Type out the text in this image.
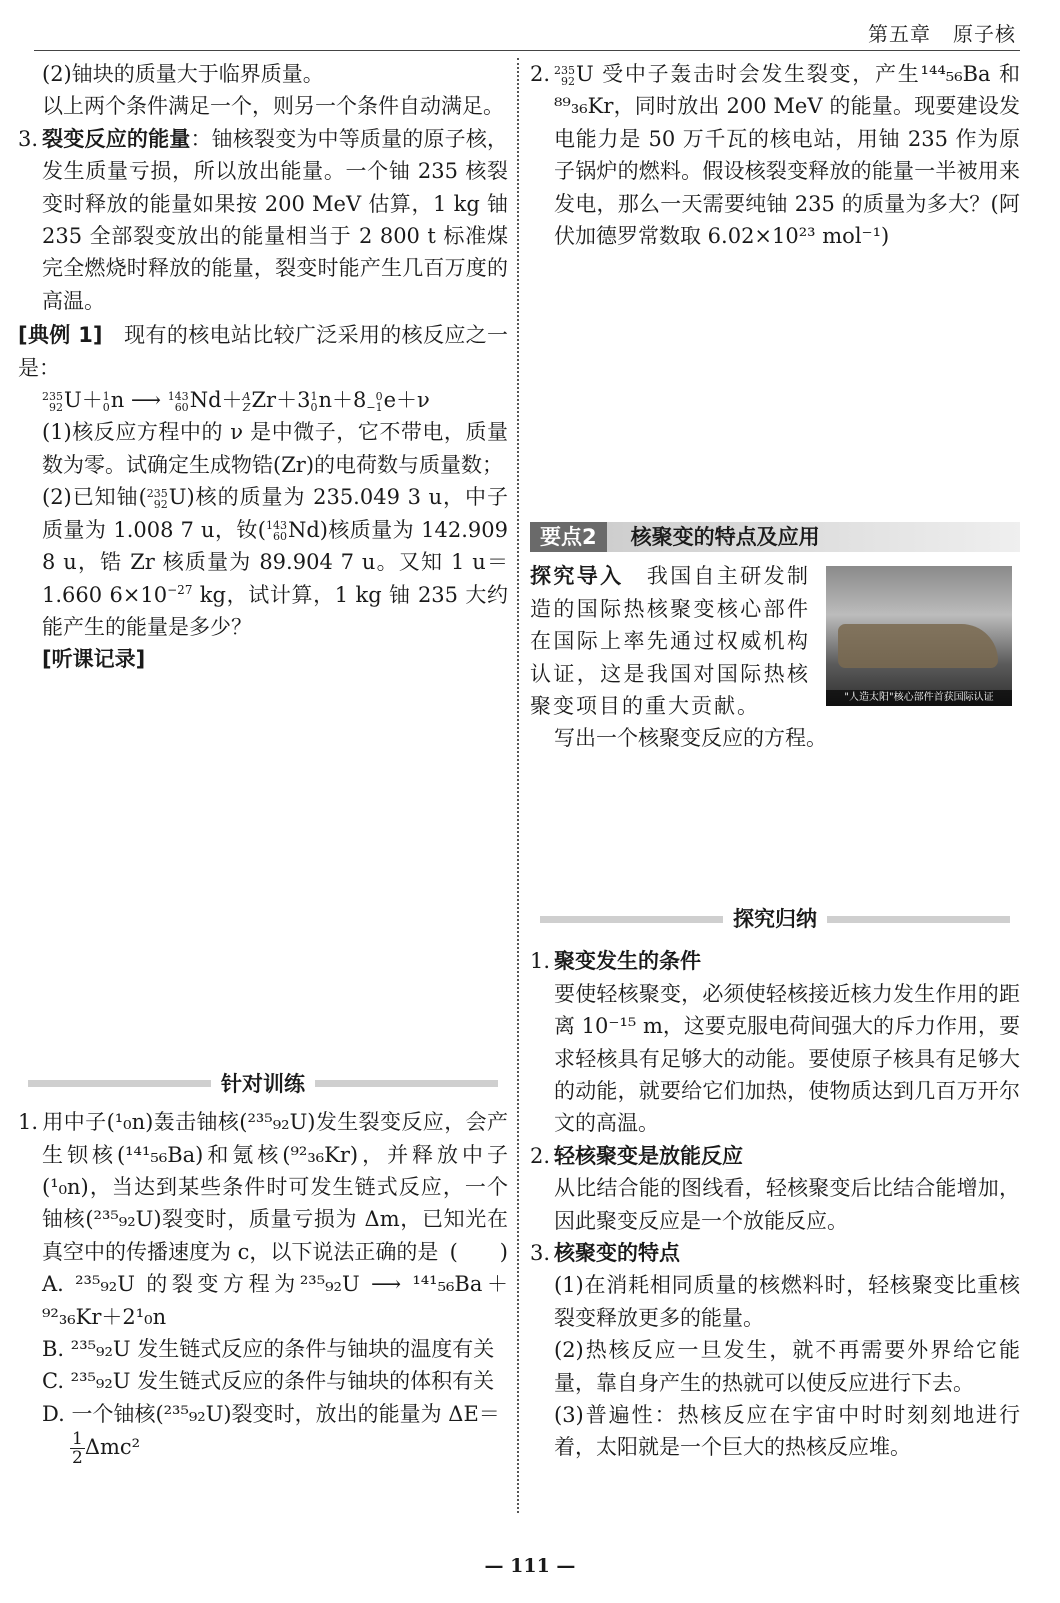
第五章 原子核

(2)铀块的质量大于临界质量。

以上两个条件满足一个，则另一个条件自动满足。

3. 裂变反应的能量：铀核裂变为中等质量的原子核，发生质量亏损，所以放出能量。一个铀 235 核裂变时释放的能量如果按 200 MeV 估算，1 kg 铀 235 全部裂变放出的能量相当于 2 800 t 标准煤完全燃烧时释放的能量，裂变时能产生几百万度的高温。

[典例 1]　现有的核电站比较广泛采用的核反应之一是：

235
92 U＋ 1
0 n ⟶ 143
60 Nd＋ A
Z Zr＋3 1
0 n＋8 0
−1 e＋ν

(1)核反应方程中的 ν 是中微子，它不带电，质量数为零。试确定生成物锆(Zr)的电荷数与质量数；

(2)已知铀( 235
92 U)核的质量为 235.049 3 u，中子质量为 1.008 7 u，钕( 143
60 Nd)核质量为 142.909 8 u，锆 Zr 核质量为 89.904 7 u。又知 1 u＝1.660 $6\times 10^{-27}$ kg，试计算，1 kg 铀 235 大约能产生的能量是多少？

[听课记录]

针对训练

1. 用中子(¹₀n)轰击铀核(²³⁵₉₂U)发生裂变反应，会产生钡核(¹⁴¹₅₆Ba)和氪核(⁹²₃₆Kr)，并释放中子(¹₀n)，当达到某些条件时可发生链式反应，一个铀核(²³⁵₉₂U)裂变时，质量亏损为 Δm，已知光在真空中的传播速度为 c，以下说法正确的是 (　　)

A. ²³⁵₉₂U 的裂变方程为²³⁵₉₂U ⟶ ¹⁴¹₅₆Ba＋⁹²₃₆Kr＋2¹₀n

B. ²³⁵₉₂U 发生链式反应的条件与铀块的温度有关

C. ²³⁵₉₂U 发生链式反应的条件与铀块的体积有关

D. 一个铀核(²³⁵₉₂U)裂变时，放出的能量为 ΔE＝

$\frac{1}{2} \Delta mc^2$

2. 235
92 U 受中子轰击时会发生裂变，产生¹⁴⁴₅₆Ba 和⁸⁹₃₆Kr，同时放出 200 MeV 的能量。现要建设发电能力是 50 万千瓦的核电站，用铀 235 作为原子锅炉的燃料。假设核裂变释放的能量一半被用来发电，那么一天需要纯铀 235 的质量为多大？(阿伏加德罗常数取 6.02×10²³ mol⁻¹)

要点2	核聚变的特点及应用
"人造太阳"核心部件首获国际认证

探究导入　我国自主研发制造的国际热核聚变核心部件在国际上率先通过权威机构认证，这是我国对国际热核聚变项目的重大贡献。

写出一个核聚变反应的方程。

探究归纳

1. 聚变发生的条件

要使轻核聚变，必须使轻核接近核力发生作用的距离 10⁻¹⁵ m，这要克服电荷间强大的斥力作用，要求轻核具有足够大的动能。要使原子核具有足够大的动能，就要给它们加热，使物质达到几百万开尔文的高温。

2. 轻核聚变是放能反应

从比结合能的图线看，轻核聚变后比结合能增加，因此聚变反应是一个放能反应。

3. 核聚变的特点

(1)在消耗相同质量的核燃料时，轻核聚变比重核裂变释放更多的能量。

(2)热核反应一旦发生，就不再需要外界给它能量，靠自身产生的热就可以使反应进行下去。

(3)普遍性：热核反应在宇宙中时时刻刻地进行着，太阳就是一个巨大的热核反应堆。

— 111 —
